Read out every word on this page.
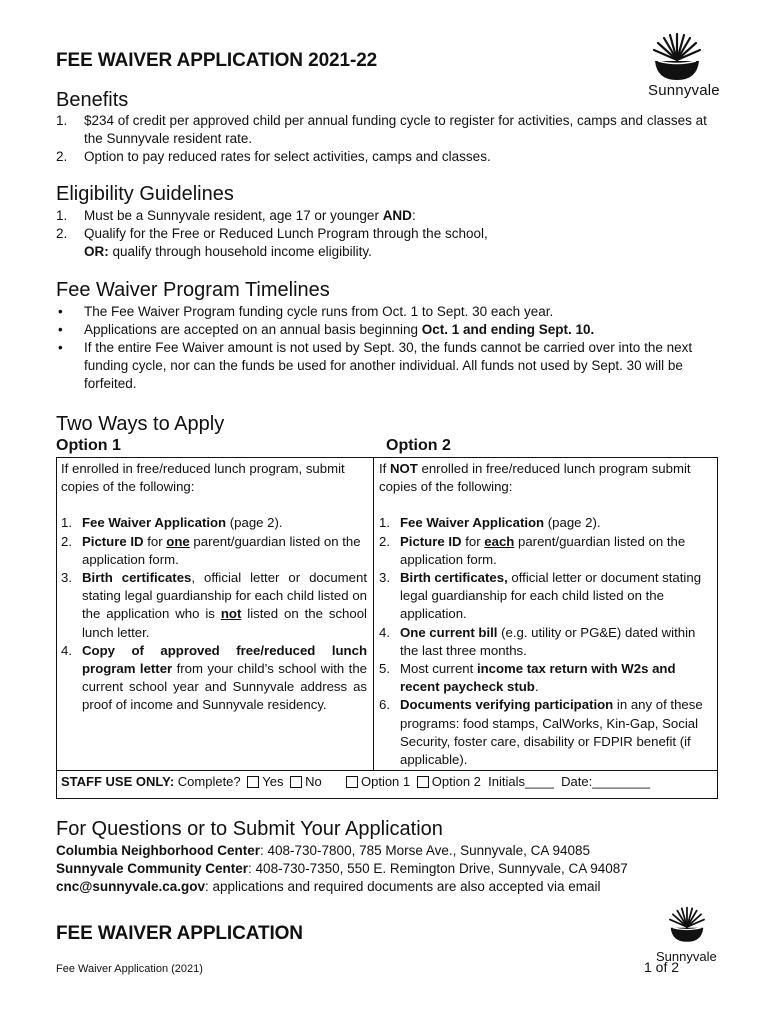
FEE WAIVER APPLICATION 2021-22
Sunnyvale
Benefits
1. $234 of credit per approved child per annual funding cycle to register for activities, camps and classes at the Sunnyvale resident rate.
2. Option to pay reduced rates for select activities, camps and classes.
Eligibility Guidelines
1. Must be a Sunnyvale resident, age 17 or younger AND:
2. Qualify for the Free or Reduced Lunch Program through the school,
OR: qualify through household income eligibility.
Fee Waiver Program Timelines
• The Fee Waiver Program funding cycle runs from Oct. 1 to Sept. 30 each year.
• Applications are accepted on an annual basis beginning Oct. 1 and ending Sept. 10.
• If the entire Fee Waiver amount is not used by Sept. 30, the funds cannot be carried over into the next funding cycle, nor can the funds be used for another individual. All funds not used by Sept. 30 will be forfeited.
Two Ways to Apply
Option 1	Option 2
If enrolled in free/reduced lunch program, submit copies of the following:
1. Fee Waiver Application (page 2).
2. Picture ID for one parent/guardian listed on the application form.
3. Birth certificates, official letter or document stating legal guardianship for each child listed on the application who is not listed on the school lunch letter.
4. Copy of approved free/reduced lunch program letter from your child’s school with the current school year and Sunnyvale address as proof of income and Sunnyvale residency.
If NOT enrolled in free/reduced lunch program submit copies of the following:
1. Fee Waiver Application (page 2).
2. Picture ID for each parent/guardian listed on the application form.
3. Birth certificates, official letter or document stating legal guardianship for each child listed on the application.
4. One current bill (e.g. utility or PG&E) dated within the last three months.
5. Most current income tax return with W2s and recent paycheck stub.
6. Documents verifying participation in any of these programs: food stamps, CalWorks, Kin-Gap, Social Security, foster care, disability or FDPIR benefit (if applicable).
STAFF USE ONLY: Complete? Yes No	Option 1 Option 2 Initials____ Date:________
For Questions or to Submit Your Application
Columbia Neighborhood Center: 408-730-7800, 785 Morse Ave., Sunnyvale, CA 94085
Sunnyvale Community Center: 408-730-7350, 550 E. Remington Drive, Sunnyvale, CA 94087
cnc@sunnyvale.ca.gov: applications and required documents are also accepted via email
FEE WAIVER APPLICATION
Fee Waiver Application (2021)
Sunnyvale
1 of 2
